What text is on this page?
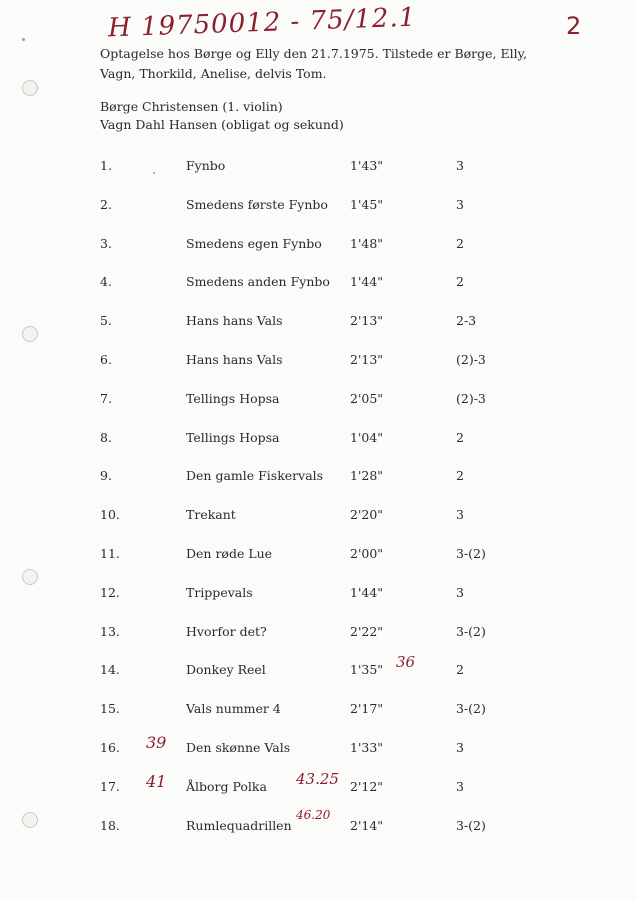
H 19750012 - 75/12.1	2
Optagelse hos Børge og Elly den 21.7.1975. Tilstede er Børge, Elly,
Vagn, Thorkild, Anelise, delvis Tom.
Børge Christensen (1. violin)
Vagn Dahl Hansen (obligat og sekund)
1.	Fynbo	1'43"	3
2.	Smedens første Fynbo 1'45"	3
3.	Smedens egen Fynbo 1'48"	2
4.	Smedens anden Fynbo 1'44"	2
5.	Hans hans Vals	2'13"	2-3
6.	Hans hans Vals	2'13"	(2)-3
7.	Tellings Hopsa	2'05"	(2)-3
8.	Tellings Hopsa	1'04"	2
9.	Den gamle Fiskervals 1'28"	2
10.	Trekant	2'20"	3
11.	Den røde Lue	2'00"	3-(2)
12.	Trippevals	1'44"	3
13.	Hvorfor det?	2'22"	3-(2)
14.	Donkey Reel	1'35"	2
15.	Vals nummer 4	2'17"	3-(2)
16.	Den skønne Vals	1'33"	3
17.	Ålborg Polka	2'12"	3
18.	Rumlequadrillen	2'14"	3-(2)
36
39
41	43.25
46.20
